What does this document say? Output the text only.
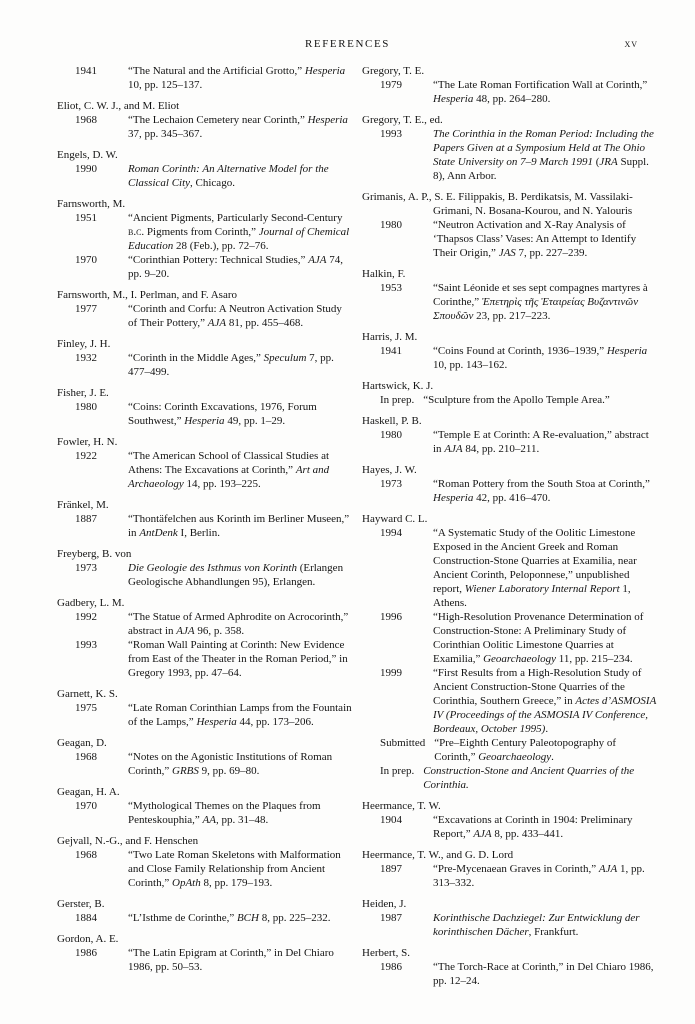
REFERENCES	xv
1941	“The Natural and the Artificial Grotto,” Hesperia 10, pp. 125–137.
Eliot, C. W. J., and M. Eliot
1968	“The Lechaion Cemetery near Corinth,” Hesperia 37, pp. 345–367.
Engels, D. W.
1990	Roman Corinth: An Alternative Model for the Classical City, Chicago.
Farnsworth, M.
1951	“Ancient Pigments, Particularly Second-Century b.c. Pigments from Corinth,” Journal of Chemical Education 28 (Feb.), pp. 72–76.
1970	“Corinthian Pottery: Technical Studies,” AJA 74, pp. 9–20.
Farnsworth, M., I. Perlman, and F. Asaro
1977	“Corinth and Corfu: A Neutron Activation Study of Their Pottery,” AJA 81, pp. 455–468.
Finley, J. H.
1932	“Corinth in the Middle Ages,” Speculum 7, pp. 477–499.
Fisher, J. E.
1980	“Coins: Corinth Excavations, 1976, Forum Southwest,” Hesperia 49, pp. 1–29.
Fowler, H. N.
1922	“The American School of Classical Studies at Athens: The Excavations at Corinth,” Art and Archaeology 14, pp. 193–225.
Fränkel, M.
1887	“Thontäfelchen aus Korinth im Berliner Museen,” in AntDenk I, Berlin.
Freyberg, B. von
1973	Die Geologie des Isthmus von Korinth (Erlangen Geologische Abhandlungen 95), Erlangen.
Gadbery, L. M.
1992	“The Statue of Armed Aphrodite on Acrocorinth,” abstract in AJA 96, p. 358.
1993	“Roman Wall Painting at Corinth: New Evidence from East of the Theater in the Roman Period,” in Gregory 1993, pp. 47–64.
Garnett, K. S.
1975	“Late Roman Corinthian Lamps from the Fountain of the Lamps,” Hesperia 44, pp. 173–206.
Geagan, D.
1968	“Notes on the Agonistic Institutions of Roman Corinth,” GRBS 9, pp. 69–80.
Geagan, H. A.
1970	“Mythological Themes on the Plaques from Penteskouphia,” AA, pp. 31–48.
Gejvall, N.-G., and F. Henschen
1968	“Two Late Roman Skeletons with Malformation and Close Family Relationship from Ancient Corinth,” OpAth 8, pp. 179–193.
Gerster, B.
1884	“L’Isthme de Corinthe,” BCH 8, pp. 225–232.
Gordon, A. E.
1986	“The Latin Epigram at Corinth,” in Del Chiaro 1986, pp. 50–53.
Gregory, T. E.
1979	“The Late Roman Fortification Wall at Corinth,” Hesperia 48, pp. 264–280.
Gregory, T. E., ed.
1993	The Corinthia in the Roman Period: Including the Papers Given at a Symposium Held at The Ohio State University on 7–9 March 1991 (JRA Suppl. 8), Ann Arbor.
Grimanis, A. P., S. E. Filippakis, B. Perdikatsis, M. Vassilaki-Grimani, N. Bosana-Kourou, and N. Yalouris
1980	“Neutron Activation and X-Ray Analysis of ‘Thapsos Class’ Vases: An Attempt to Identify Their Origin,” JAS 7, pp. 227–239.
Halkin, F.
1953	“Saint Léonide et ses sept compagnes martyres à Corinthe,” Ἐπετηρὶς τῆς Ἑταιρείας Βυζαντινῶν Σπουδῶν 23, pp. 217–223.
Harris, J. M.
1941	“Coins Found at Corinth, 1936–1939,” Hesperia 10, pp. 143–162.
Hartswick, K. J.
In prep. “Sculpture from the Apollo Temple Area.”
Haskell, P. B.
1980	“Temple E at Corinth: A Re-evaluation,” abstract in AJA 84, pp. 210–211.
Hayes, J. W.
1973	“Roman Pottery from the South Stoa at Corinth,” Hesperia 42, pp. 416–470.
Hayward C. L.
1994	“A Systematic Study of the Oolitic Limestone Exposed in the Ancient Greek and Roman Construction-Stone Quarries at Examilia, near Ancient Corinth, Peloponnese,” unpublished report, Wiener Laboratory Internal Report 1, Athens.
1996	“High-Resolution Provenance Determination of Construction-Stone: A Preliminary Study of Corinthian Oolitic Limestone Quarries at Examilia,” Geoarchaeology 11, pp. 215–234.
1999	“First Results from a High-Resolution Study of Ancient Construction-Stone Quarries of the Corinthia, Southern Greece,” in Actes d’ASMOSIA IV (Proceedings of the ASMOSIA IV Conference, Bordeaux, October 1995).
Submitted “Pre–Eighth Century Paleotopography of Corinth,” Geoarchaeology.
In prep. Construction-Stone and Ancient Quarries of the Corinthia.
Heermance, T. W.
1904	“Excavations at Corinth in 1904: Preliminary Report,” AJA 8, pp. 433–441.
Heermance, T. W., and G. D. Lord
1897	“Pre-Mycenaean Graves in Corinth,” AJA 1, pp. 313–332.
Heiden, J.
1987	Korinthische Dachziegel: Zur Entwicklung der korinthischen Dächer, Frankfurt.
Herbert, S.
1986	“The Torch-Race at Corinth,” in Del Chiaro 1986, pp. 12–24.
